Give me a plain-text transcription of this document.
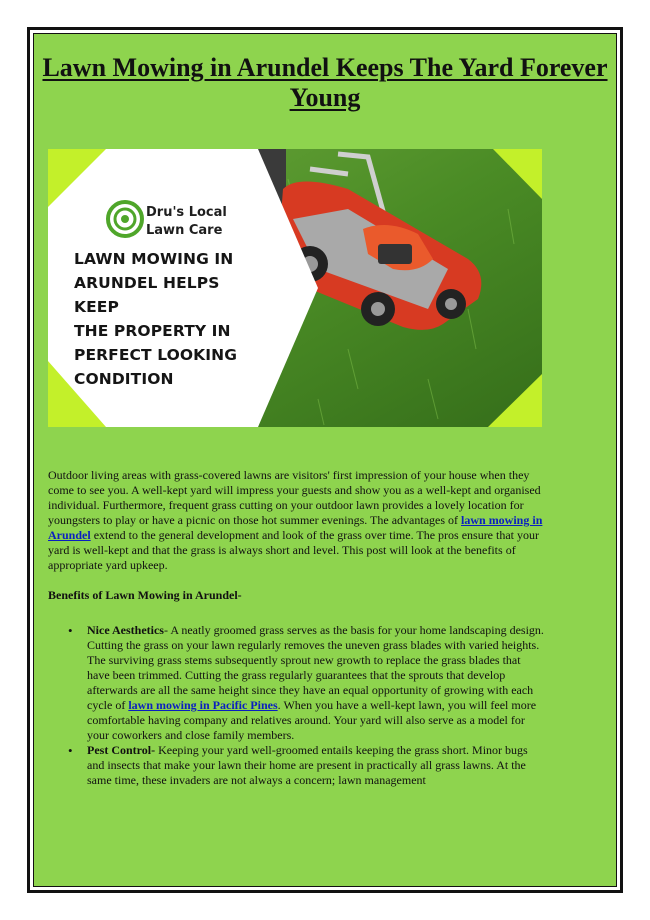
Lawn Mowing in Arundel Keeps The Yard Forever Young
Dru's Local
Lawn Care
LAWN MOWING IN
ARUNDEL HELPS KEEP
THE PROPERTY IN
PERFECT LOOKING
CONDITION

Outdoor living areas with grass-covered lawns are visitors' first impression of your house when they come to see you. A well-kept yard will impress your guests and show you as a well-kept and organised individual. Furthermore, frequent grass cutting on your outdoor lawn provides a lovely location for youngsters to play or have a picnic on those hot summer evenings. The advantages of lawn mowing in Arundel extend to the general development and look of the grass over time. The pros ensure that your yard is well-kept and that the grass is always short and level. This post will look at the benefits of appropriate yard upkeep.

Benefits of Lawn Mowing in Arundel-

• Nice Aesthetics- A neatly groomed grass serves as the basis for your home landscaping design. Cutting the grass on your lawn regularly removes the uneven grass blades with varied heights. The surviving grass stems subsequently sprout new growth to replace the grass blades that have been trimmed. Cutting the grass regularly guarantees that the sprouts that develop afterwards are all the same height since they have an equal opportunity of growing with each cycle of lawn mowing in Pacific Pines. When you have a well-kept lawn, you will feel more comfortable having company and relatives around. Your yard will also serve as a model for your coworkers and close family members.
• Pest Control- Keeping your yard well-groomed entails keeping the grass short. Minor bugs and insects that make your lawn their home are present in practically all grass lawns. At the same time, these invaders are not always a concern; lawn management
